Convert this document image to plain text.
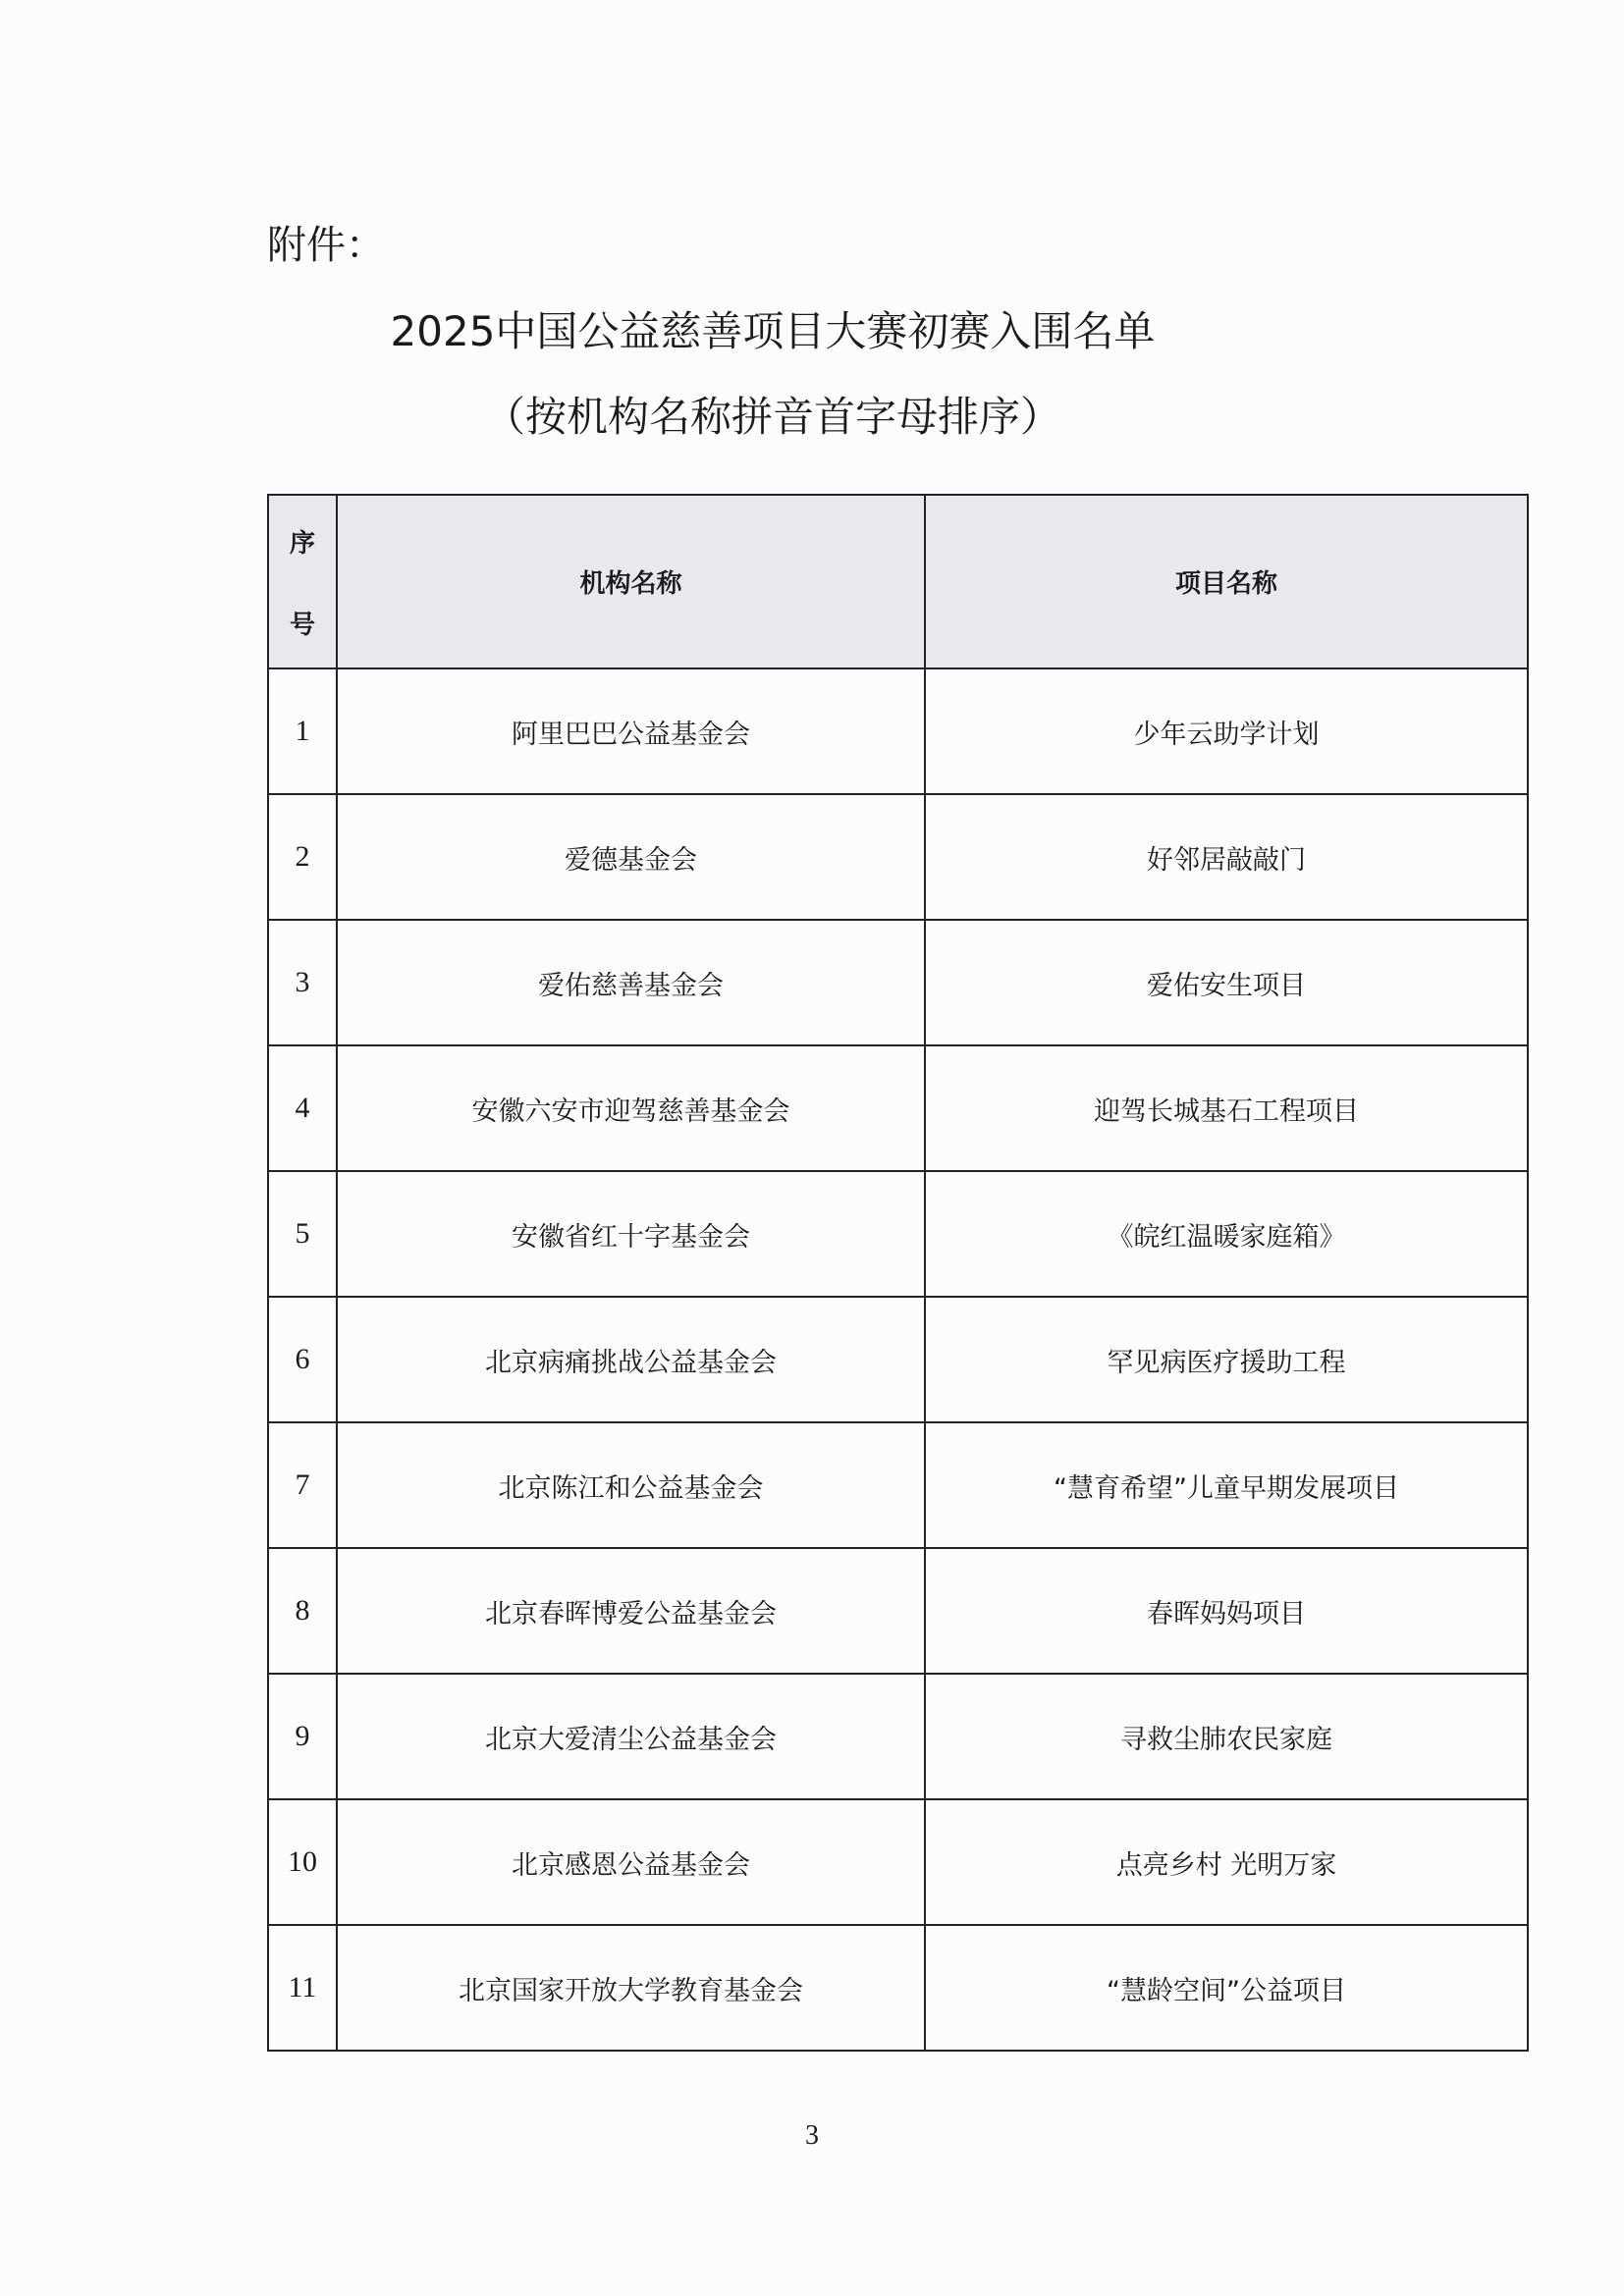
附件：
2025中国公益慈善项目大赛初赛入围名单
（按机构名称拼音首字母排序）
序
号	机构名称	项目名称
1	阿里巴巴公益基金会	少年云助学计划
2	爱德基金会	好邻居敲敲门
3	爱佑慈善基金会	爱佑安生项目
4	安徽六安市迎驾慈善基金会	迎驾长城基石工程项目
5	安徽省红十字基金会	《皖红温暖家庭箱》
6	北京病痛挑战公益基金会	罕见病医疗援助工程
7	北京陈江和公益基金会	“慧育希望”儿童早期发展项目
8	北京春晖博爱公益基金会	春晖妈妈项目
9	北京大爱清尘公益基金会	寻救尘肺农民家庭
10	北京感恩公益基金会	点亮乡村 光明万家
11	北京国家开放大学教育基金会	“慧龄空间”公益项目
3
